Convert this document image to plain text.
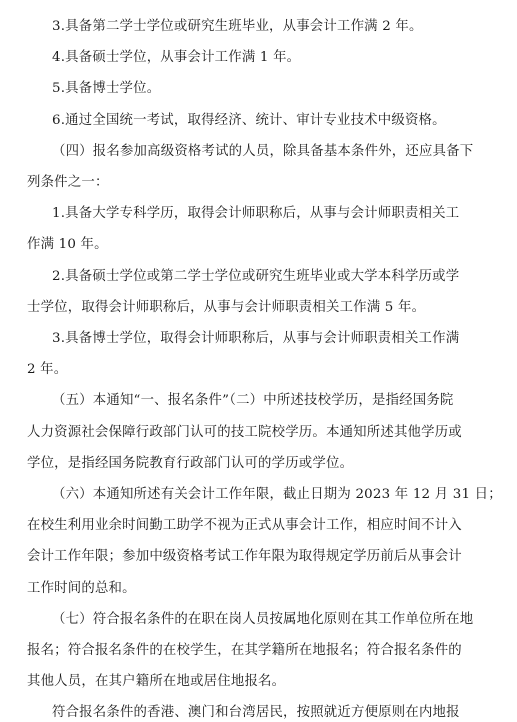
3.具备第二学士学位或研究生班毕业，从事会计工作满 2 年。
4.具备硕士学位，从事会计工作满 1 年。
5.具备博士学位。
6.通过全国统一考试，取得经济、统计、审计专业技术中级资格。
（四）报名参加高级资格考试的人员，除具备基本条件外，还应具备下
列条件之一：
1.具备大学专科学历，取得会计师职称后，从事与会计师职责相关工
作满 10 年。
2.具备硕士学位或第二学士学位或研究生班毕业或大学本科学历或学
士学位，取得会计师职称后，从事与会计师职责相关工作满 5 年。
3.具备博士学位，取得会计师职称后，从事与会计师职责相关工作满
2 年。
（五）本通知“一、报名条件”（二）中所述技校学历，是指经国务院
人力资源社会保障行政部门认可的技工院校学历。本通知所述其他学历或
学位，是指经国务院教育行政部门认可的学历或学位。
（六）本通知所述有关会计工作年限，截止日期为 2023 年 12 月 31 日；
在校生利用业余时间勤工助学不视为正式从事会计工作，相应时间不计入
会计工作年限；参加中级资格考试工作年限为取得规定学历前后从事会计
工作时间的总和。
（七）符合报名条件的在职在岗人员按属地化原则在其工作单位所在地
报名；符合报名条件的在校学生，在其学籍所在地报名；符合报名条件的
其他人员，在其户籍所在地或居住地报名。
符合报名条件的香港、澳门和台湾居民，按照就近方便原则在内地报
